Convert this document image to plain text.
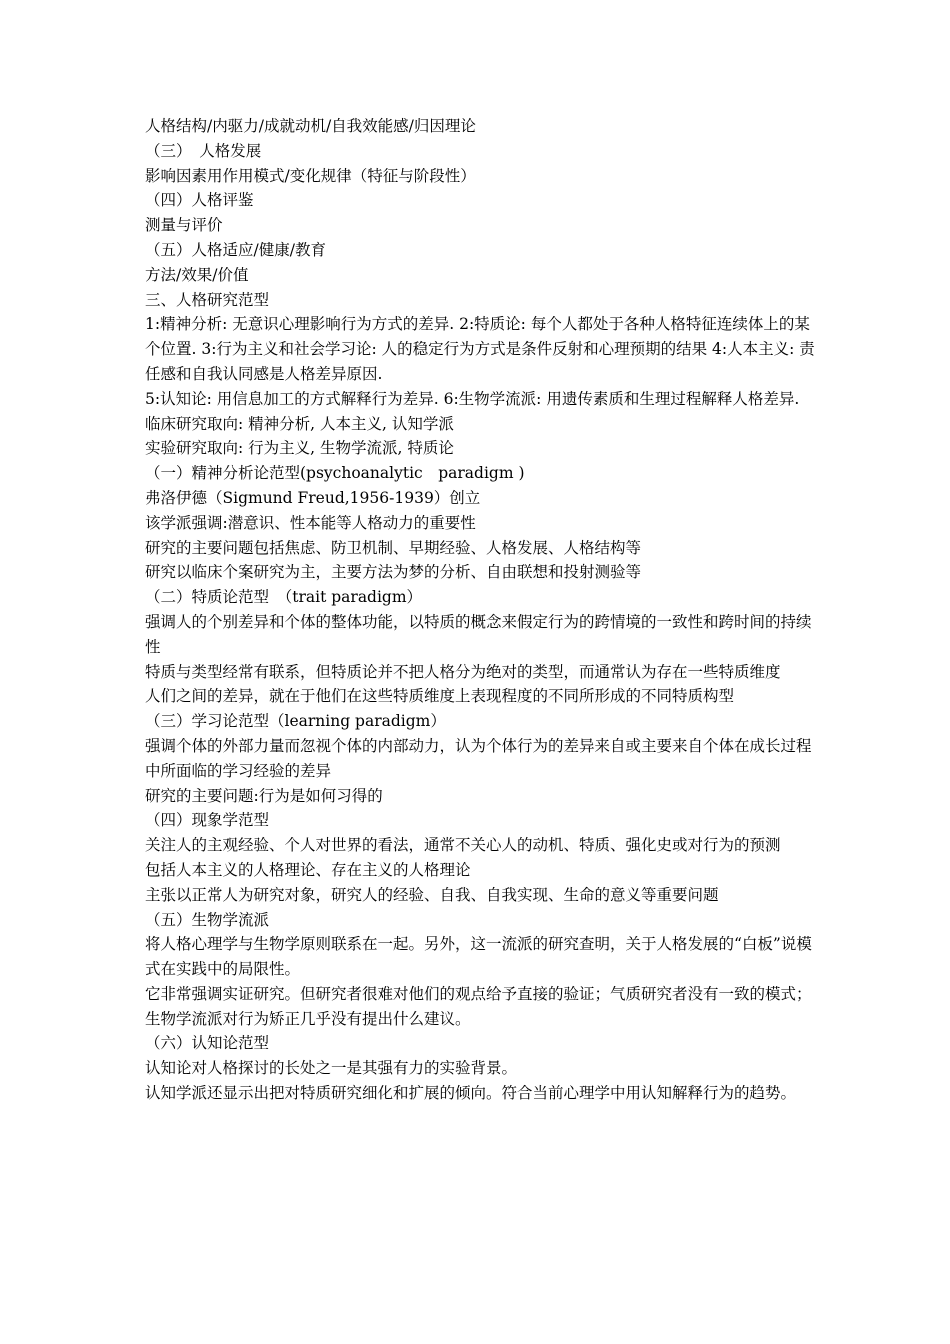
人格结构/内驱力/成就动机/自我效能感/归因理论

（三）　人格发展

影响因素用作用模式/变化规律（特征与阶段性）

（四）人格评鉴

测量与评价

（五）人格适应/健康/教育

方法/效果/价值

三、人格研究范型

1:精神分析: 无意识心理影响行为方式的差异. 2:特质论: 每个人都处于各种人格特征连续体上的某个位置. 3:行为主义和社会学习论: 人的稳定行为方式是条件反射和心理预期的结果 4:人本主义: 责任感和自我认同感是人格差异原因.

5:认知论: 用信息加工的方式解释行为差异. 6:生物学流派: 用遗传素质和生理过程解释人格差异.

临床研究取向: 精神分析, 人本主义, 认知学派

实验研究取向: 行为主义, 生物学流派, 特质论

（一）精神分析论范型(psychoanalytic　paradigm )

弗洛伊德（Sigmund Freud,1956-1939）创立

该学派强调:潜意识、性本能等人格动力的重要性

研究的主要问题包括焦虑、防卫机制、早期经验、人格发展、人格结构等

研究以临床个案研究为主，主要方法为梦的分析、自由联想和投射测验等

（二）特质论范型　（trait paradigm）

强调人的个别差异和个体的整体功能，以特质的概念来假定行为的跨情境的一致性和跨时间的持续性

特质与类型经常有联系，但特质论并不把人格分为绝对的类型，而通常认为存在一些特质维度

人们之间的差异，就在于他们在这些特质维度上表现程度的不同所形成的不同特质构型

（三）学习论范型（learning paradigm）

强调个体的外部力量而忽视个体的内部动力，认为个体行为的差异来自或主要来自个体在成长过程中所面临的学习经验的差异

研究的主要问题:行为是如何习得的

（四）现象学范型

关注人的主观经验、个人对世界的看法，通常不关心人的动机、特质、强化史或对行为的预测

包括人本主义的人格理论、存在主义的人格理论

主张以正常人为研究对象，研究人的经验、自我、自我实现、生命的意义等重要问题

（五）生物学流派

将人格心理学与生物学原则联系在一起。另外，这一流派的研究查明，关于人格发展的“白板”说模式在实践中的局限性。

它非常强调实证研究。但研究者很难对他们的观点给予直接的验证；气质研究者没有一致的模式；生物学流派对行为矫正几乎没有提出什么建议。

（六）认知论范型

认知论对人格探讨的长处之一是其强有力的实验背景。

认知学派还显示出把对特质研究细化和扩展的倾向。符合当前心理学中用认知解释行为的趋势。
